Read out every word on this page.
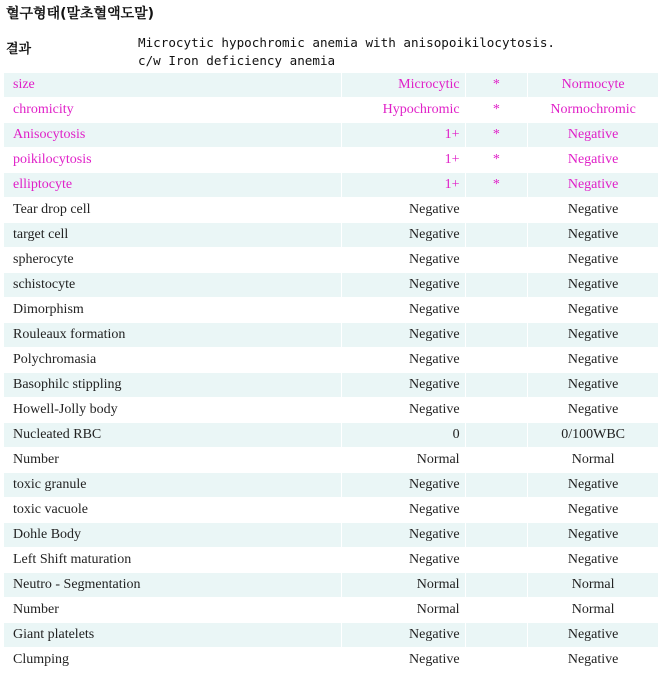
혈구형태(말초혈액도말)
결과	Microcytic hypochromic anemia with anisopoikilocytosis.
c/w Iron deficiency anemia
size	Microcytic	*	Normocyte
chromicity	Hypochromic	*	Normochromic
Anisocytosis	1+	*	Negative
poikilocytosis	1+	*	Negative
elliptocyte	1+	*	Negative
Tear drop cell	Negative		Negative
target cell	Negative		Negative
spherocyte	Negative		Negative
schistocyte	Negative		Negative
Dimorphism	Negative		Negative
Rouleaux formation	Negative		Negative
Polychromasia	Negative		Negative
Basophilc stippling	Negative		Negative
Howell-Jolly body	Negative		Negative
Nucleated RBC	0		0/100WBC
Number	Normal		Normal
toxic granule	Negative		Negative
toxic vacuole	Negative		Negative
Dohle Body	Negative		Negative
Left Shift maturation	Negative		Negative
Neutro - Segmentation	Normal		Normal
Number	Normal		Normal
Giant platelets	Negative		Negative
Clumping	Negative		Negative
